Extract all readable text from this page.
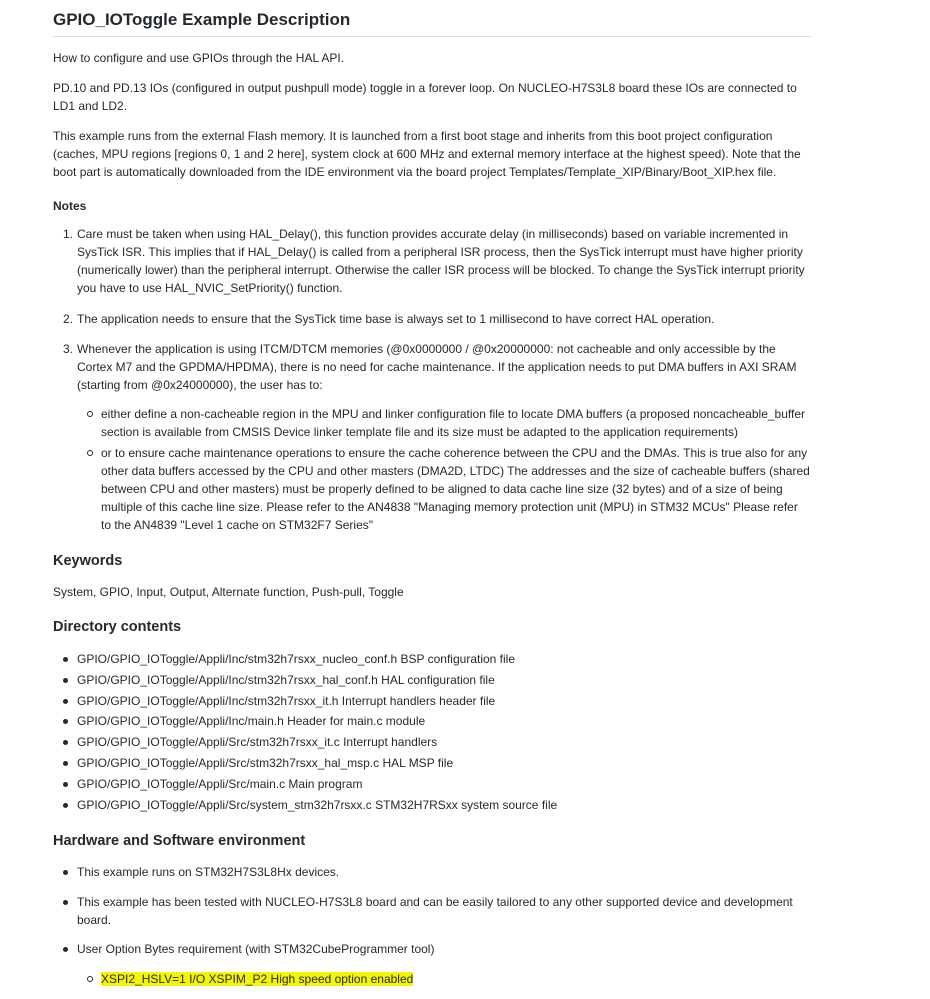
GPIO_IOToggle Example Description

How to configure and use GPIOs through the HAL API.

PD.10 and PD.13 IOs (configured in output pushpull mode) toggle in a forever loop. On NUCLEO-H7S3L8 board these IOs are connected to LD1 and LD2.

This example runs from the external Flash memory. It is launched from a first boot stage and inherits from this boot project configuration (caches, MPU regions [regions 0, 1 and 2 here], system clock at 600 MHz and external memory interface at the highest speed). Note that the boot part is automatically downloaded from the IDE environment via the board project Templates/Template_XIP/Binary/Boot_XIP.hex file.

Notes

1. Care must be taken when using HAL_Delay(), this function provides accurate delay (in milliseconds) based on variable incremented in SysTick ISR. This implies that if HAL_Delay() is called from a peripheral ISR process, then the SysTick interrupt must have higher priority (numerically lower) than the peripheral interrupt. Otherwise the caller ISR process will be blocked. To change the SysTick interrupt priority you have to use HAL_NVIC_SetPriority() function.

2. The application needs to ensure that the SysTick time base is always set to 1 millisecond to have correct HAL operation.

3. Whenever the application is using ITCM/DTCM memories (@0x0000000 / @0x20000000: not cacheable and only accessible by the Cortex M7 and the GPDMA/HPDMA), there is no need for cache maintenance. If the application needs to put DMA buffers in AXI SRAM (starting from @0x24000000), the user has to:

either define a non-cacheable region in the MPU and linker configuration file to locate DMA buffers (a proposed noncacheable_buffer section is available from CMSIS Device linker template file and its size must be adapted to the application requirements)

or to ensure cache maintenance operations to ensure the cache coherence between the CPU and the DMAs. This is true also for any other data buffers accessed by the CPU and other masters (DMA2D, LTDC) The addresses and the size of cacheable buffers (shared between CPU and other masters) must be properly defined to be aligned to data cache line size (32 bytes) and of a size of being multiple of this cache line size. Please refer to the AN4838 "Managing memory protection unit (MPU) in STM32 MCUs" Please refer to the AN4839 "Level 1 cache on STM32F7 Series"

Keywords

System, GPIO, Input, Output, Alternate function, Push-pull, Toggle

Directory contents

GPIO/GPIO_IOToggle/Appli/Inc/stm32h7rsxx_nucleo_conf.h BSP configuration file

GPIO/GPIO_IOToggle/Appli/Inc/stm32h7rsxx_hal_conf.h HAL configuration file

GPIO/GPIO_IOToggle/Appli/Inc/stm32h7rsxx_it.h Interrupt handlers header file

GPIO/GPIO_IOToggle/Appli/Inc/main.h Header for main.c module

GPIO/GPIO_IOToggle/Appli/Src/stm32h7rsxx_it.c Interrupt handlers

GPIO/GPIO_IOToggle/Appli/Src/stm32h7rsxx_hal_msp.c HAL MSP file

GPIO/GPIO_IOToggle/Appli/Src/main.c Main program

GPIO/GPIO_IOToggle/Appli/Src/system_stm32h7rsxx.c STM32H7RSxx system source file

Hardware and Software environment

This example runs on STM32H7S3L8Hx devices.

This example has been tested with NUCLEO-H7S3L8 board and can be easily tailored to any other supported device and development board.

User Option Bytes requirement (with STM32CubeProgrammer tool)

XSPI2_HSLV=1 I/O XSPIM_P2 High speed option enabled
